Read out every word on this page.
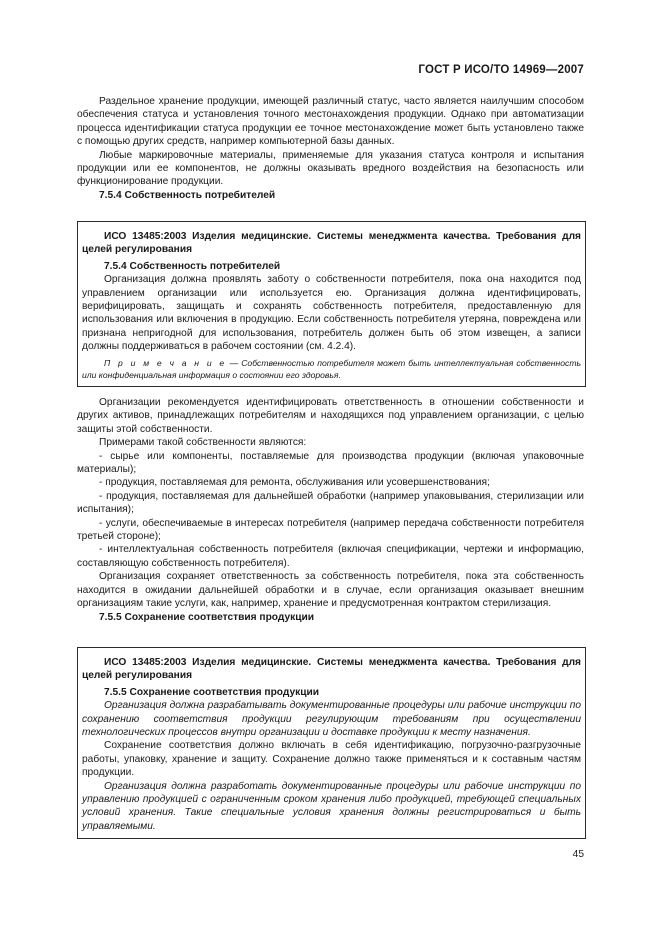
ГОСТ Р ИСО/ТО 14969—2007

Раздельное хранение продукции, имеющей различный статус, часто является наилучшим способом обеспечения статуса и установления точного местонахождения продукции. Однако при автоматизации процесса идентификации статуса продукции ее точное местонахождение может быть установлено также с помощью других средств, например компьютерной базы данных.

Любые маркировочные материалы, применяемые для указания статуса контроля и испытания продукции или ее компонентов, не должны оказывать вредного воздействия на безопасность или функционирование продукции.

7.5.4 Собственность потребителей

ИСО 13485:2003 Изделия медицинские. Системы менеджмента качества. Требования для целей регулирования

7.5.4 Собственность потребителей

Организация должна проявлять заботу о собственности потребителя, пока она находится под управлением организации или используется ею. Организация должна идентифицировать, верифицировать, защищать и сохранять собственность потребителя, предоставленную для использования или включения в продукцию. Если собственность потребителя утеряна, повреждена или признана непригодной для использования, потребитель должен быть об этом извещен, а записи должны поддерживаться в рабочем состоянии (см. 4.2.4).

П р и м е ч а н и е — Собственностью потребителя может быть интеллектуальная собственность или конфиденциальная информация о состоянии его здоровья.

Организации рекомендуется идентифицировать ответственность в отношении собственности и других активов, принадлежащих потребителям и находящихся под управлением организации, с целью защиты этой собственности.

Примерами такой собственности являются:

- сырье или компоненты, поставляемые для производства продукции (включая упаковочные материалы);

- продукция, поставляемая для ремонта, обслуживания или усовершенствования;

- продукция, поставляемая для дальнейшей обработки (например упаковывания, стерилизации или испытания);

- услуги, обеспечиваемые в интересах потребителя (например передача собственности потребителя третьей стороне);

- интеллектуальная собственность потребителя (включая спецификации, чертежи и информацию, составляющую собственность потребителя).

Организация сохраняет ответственность за собственность потребителя, пока эта собственность находится в ожидании дальнейшей обработки и в случае, если организация оказывает внешним организациям такие услуги, как, например, хранение и предусмотренная контрактом стерилизация.

7.5.5 Сохранение соответствия продукции

ИСО 13485:2003 Изделия медицинские. Системы менеджмента качества. Требования для целей регулирования

7.5.5 Сохранение соответствия продукции

Организация должна разрабатывать документированные процедуры или рабочие инструкции по сохранению соответствия продукции регулирующим требованиям при осуществлении технологических процессов внутри организации и доставке продукции к месту назначения.

Сохранение соответствия должно включать в себя идентификацию, погрузочно-разгрузочные работы, упаковку, хранение и защиту. Сохранение должно также применяться и к составным частям продукции.

Организация должна разработать документированные процедуры или рабочие инструкции по управлению продукцией с ограниченным сроком хранения либо продукцией, требующей специальных условий хранения. Такие специальные условия хранения должны регистрироваться и быть управляемыми.

45
